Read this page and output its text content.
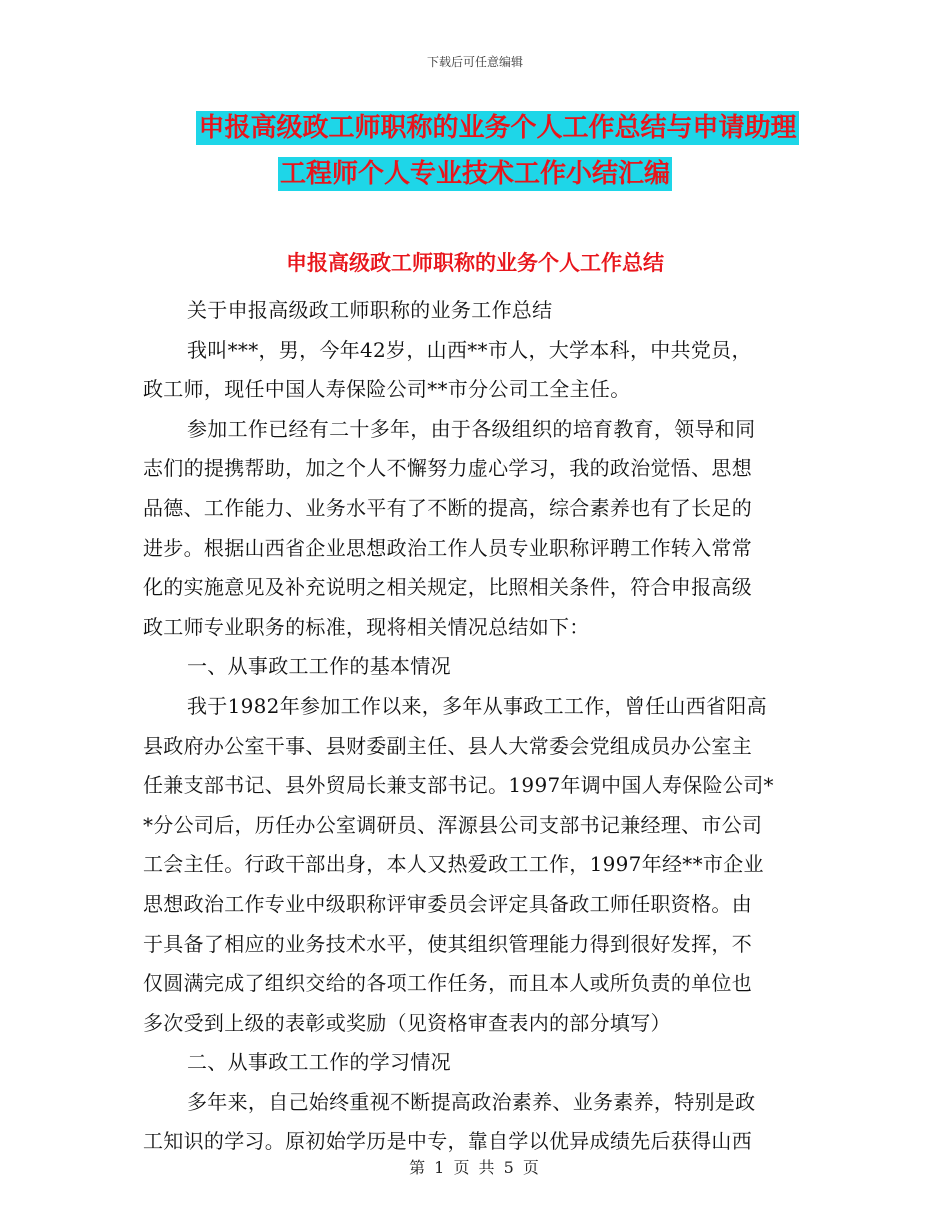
下载后可任意编辑
申报高级政工师职称的业务个人工作总结与申请助理
工程师个人专业技术工作小结汇编
申报高级政工师职称的业务个人工作总结
关于申报高级政工师职称的业务工作总结
我叫***，男，今年42岁，山西**市人，大学本科，中共党员，
政工师，现任中国人寿保险公司**市分公司工全主任。
参加工作已经有二十多年，由于各级组织的培育教育，领导和同
志们的提携帮助，加之个人不懈努力虚心学习，我的政治觉悟、思想
品德、工作能力、业务水平有了不断的提高，综合素养也有了长足的
进步。根据山西省企业思想政治工作人员专业职称评聘工作转入常常
化的实施意见及补充说明之相关规定，比照相关条件，符合申报高级
政工师专业职务的标准，现将相关情况总结如下：
一、从事政工工作的基本情况
我于1982年参加工作以来，多年从事政工工作，曾任山西省阳高
县政府办公室干事、县财委副主任、县人大常委会党组成员办公室主
任兼支部书记、县外贸局长兼支部书记。1997年调中国人寿保险公司*
*分公司后，历任办公室调研员、浑源县公司支部书记兼经理、市公司
工会主任。行政干部出身，本人又热爱政工工作，1997年经**市企业
思想政治工作专业中级职称评审委员会评定具备政工师任职资格。由
于具备了相应的业务技术水平，使其组织管理能力得到很好发挥，不
仅圆满完成了组织交给的各项工作任务，而且本人或所负责的单位也
多次受到上级的表彰或奖励（见资格审查表内的部分填写）
二、从事政工工作的学习情况
多年来，自己始终重视不断提高政治素养、业务素养，特别是政
工知识的学习。原初始学历是中专，靠自学以优异成绩先后获得山西
第 1 页 共 5 页
